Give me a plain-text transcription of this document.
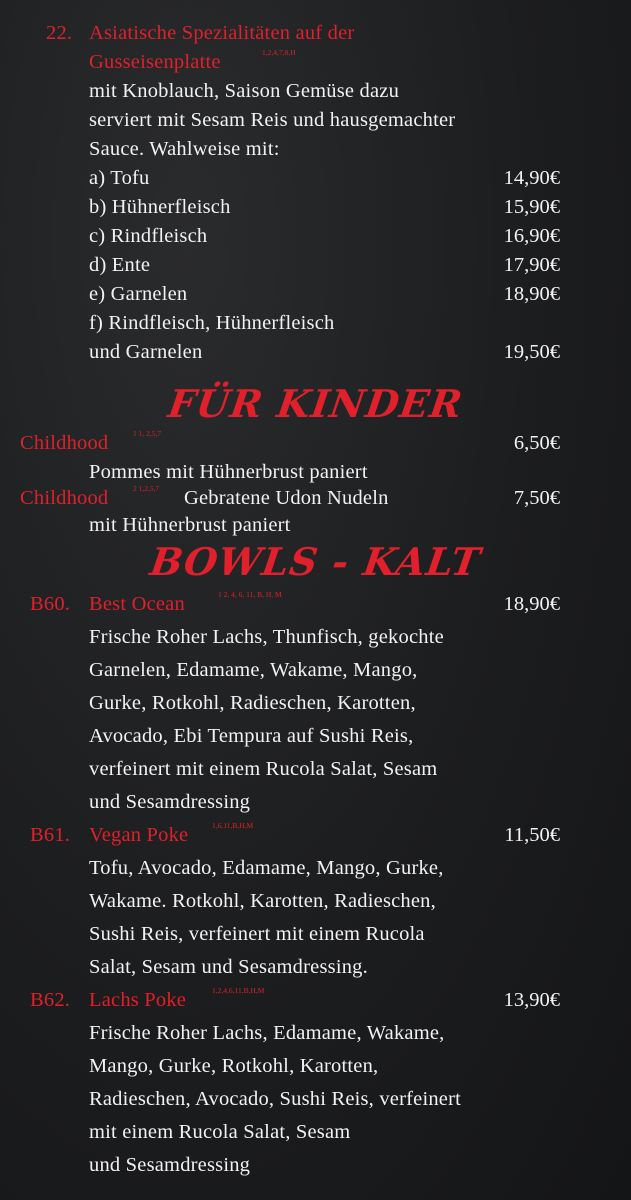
22. Asiatische Spezialitäten auf der
Gusseisenplatte	1,2,4,7,8,H
mit Knoblauch, Saison Gemüse dazu
serviert mit Sesam Reis und hausgemachter
Sauce. Wahlweise mit:
a) Tofu	14,90€
b) Hühnerfleisch	15,90€
c) Rindfleisch	16,90€
d) Ente	17,90€
e) Garnelen	18,90€
f) Rindfleisch, Hühnerfleisch
und Garnelen	19,50€
FÜR KINDER
Childhood	1 1, 2,5,7	6,50€
Pommes mit Hühnerbrust paniert
Childhood	2 1,2,5,7 Gebratene Udon Nudeln	7,50€
mit Hühnerbrust paniert
BOWLS - KALT
B60. Best Ocean	1 2, 4, 6, 11, B, H, M	18,90€
Frische Roher Lachs, Thunfisch, gekochte
Garnelen, Edamame, Wakame, Mango,
Gurke, Rotkohl, Radieschen, Karotten,
Avocado, Ebi Tempura auf Sushi Reis,
verfeinert mit einem Rucola Salat, Sesam
und Sesamdressing
B61. Vegan Poke	1,6,11,B,H,M	11,50€
Tofu, Avocado, Edamame, Mango, Gurke,
Wakame. Rotkohl, Karotten, Radieschen,
Sushi Reis, verfeinert mit einem Rucola
Salat, Sesam und Sesamdressing.
B62. Lachs Poke	1,2,4,6,11,B,H,M	13,90€
Frische Roher Lachs, Edamame, Wakame,
Mango, Gurke, Rotkohl, Karotten,
Radieschen, Avocado, Sushi Reis, verfeinert
mit einem Rucola Salat, Sesam
und Sesamdressing
